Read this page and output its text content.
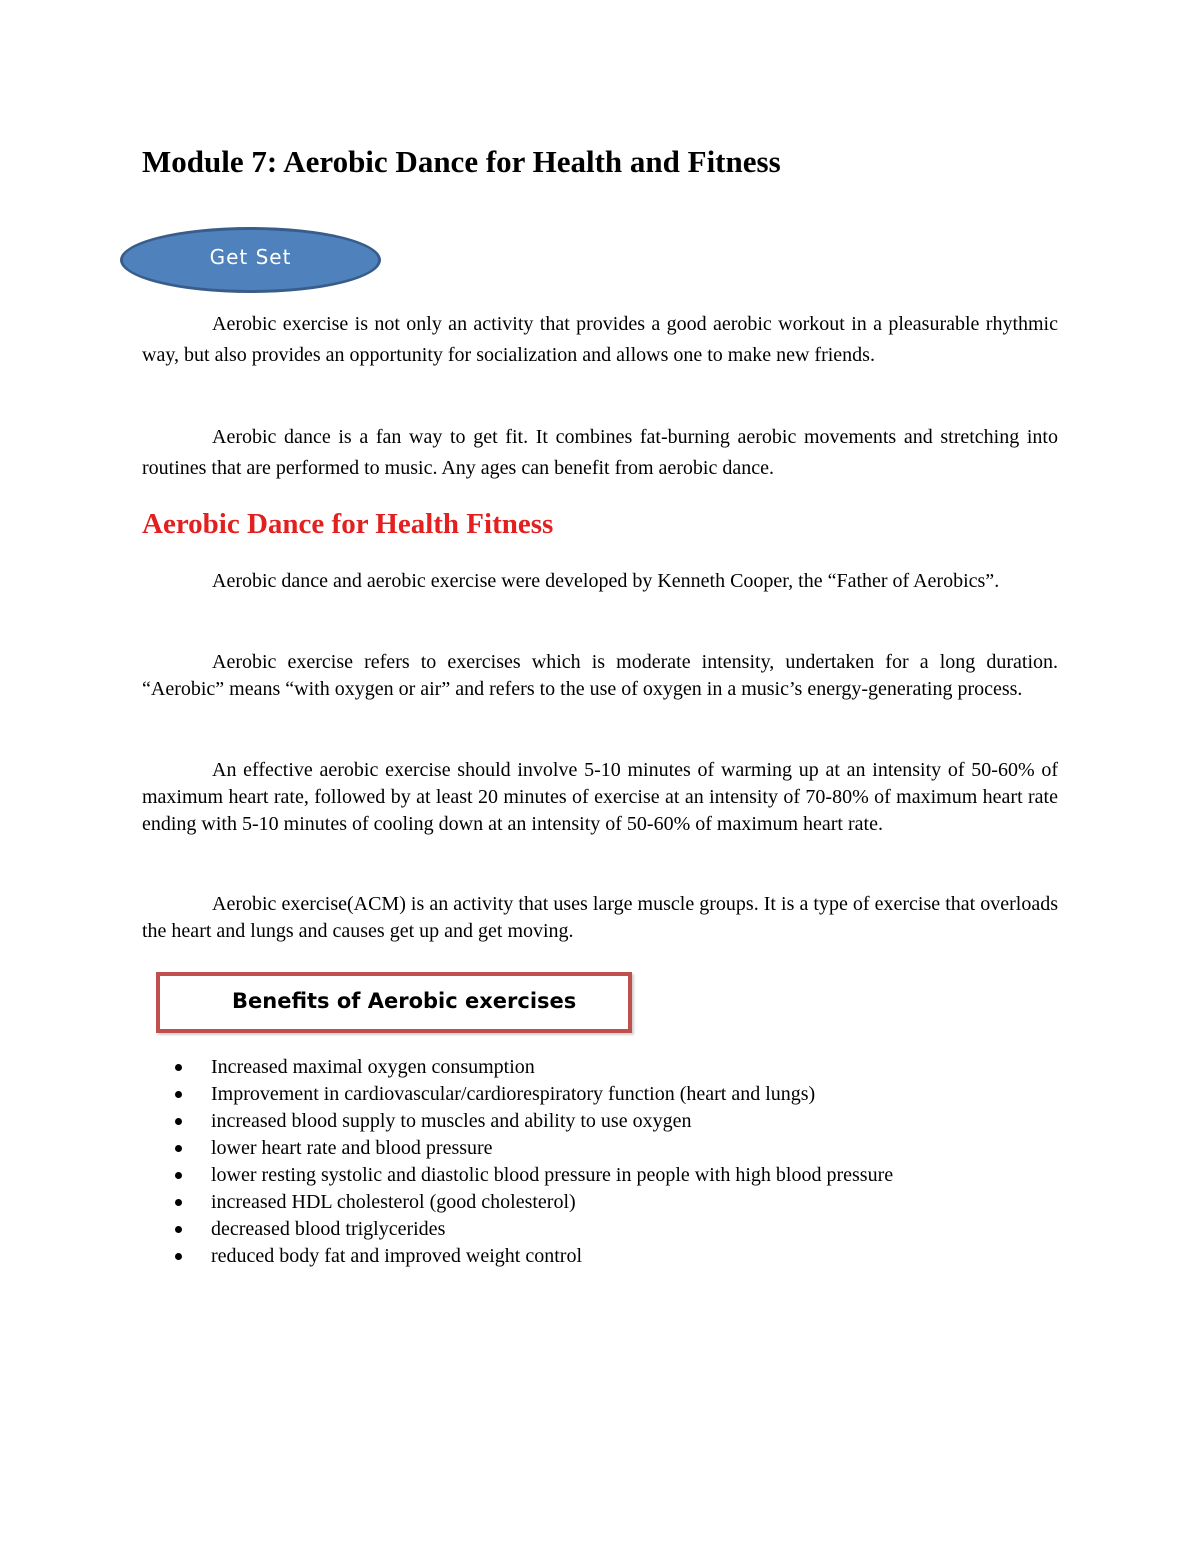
Module 7: Aerobic Dance for Health and Fitness
Get Set

Aerobic exercise is not only an activity that provides a good aerobic workout in a pleasurable rhythmic way, but also provides an opportunity for socialization and allows one to make new friends.

Aerobic dance is a fan way to get fit. It combines fat-burning aerobic movements and stretching into routines that are performed to music. Any ages can benefit from aerobic dance.

Aerobic Dance for Health Fitness

Aerobic dance and aerobic exercise were developed by Kenneth Cooper, the “Father of Aerobics”.

Aerobic exercise refers to exercises which is moderate intensity, undertaken for a long duration. “Aerobic” means “with oxygen or air” and refers to the use of oxygen in a music’s energy-generating process.

An effective aerobic exercise should involve 5-10 minutes of warming up at an intensity of 50-60% of maximum heart rate, followed by at least 20 minutes of exercise at an intensity of 70-80% of maximum heart rate ending with 5-10 minutes of cooling down at an intensity of 50-60% of maximum heart rate.

Aerobic exercise(ACM) is an activity that uses large muscle groups. It is a type of exercise that overloads the heart and lungs and causes get up and get moving.

Benefits of Aerobic exercises
Increased maximal oxygen consumption
Improvement in cardiovascular/cardiorespiratory function (heart and lungs)
increased blood supply to muscles and ability to use oxygen
lower heart rate and blood pressure
lower resting systolic and diastolic blood pressure in people with high blood pressure
increased HDL cholesterol (good cholesterol)
decreased blood triglycerides
reduced body fat and improved weight control
